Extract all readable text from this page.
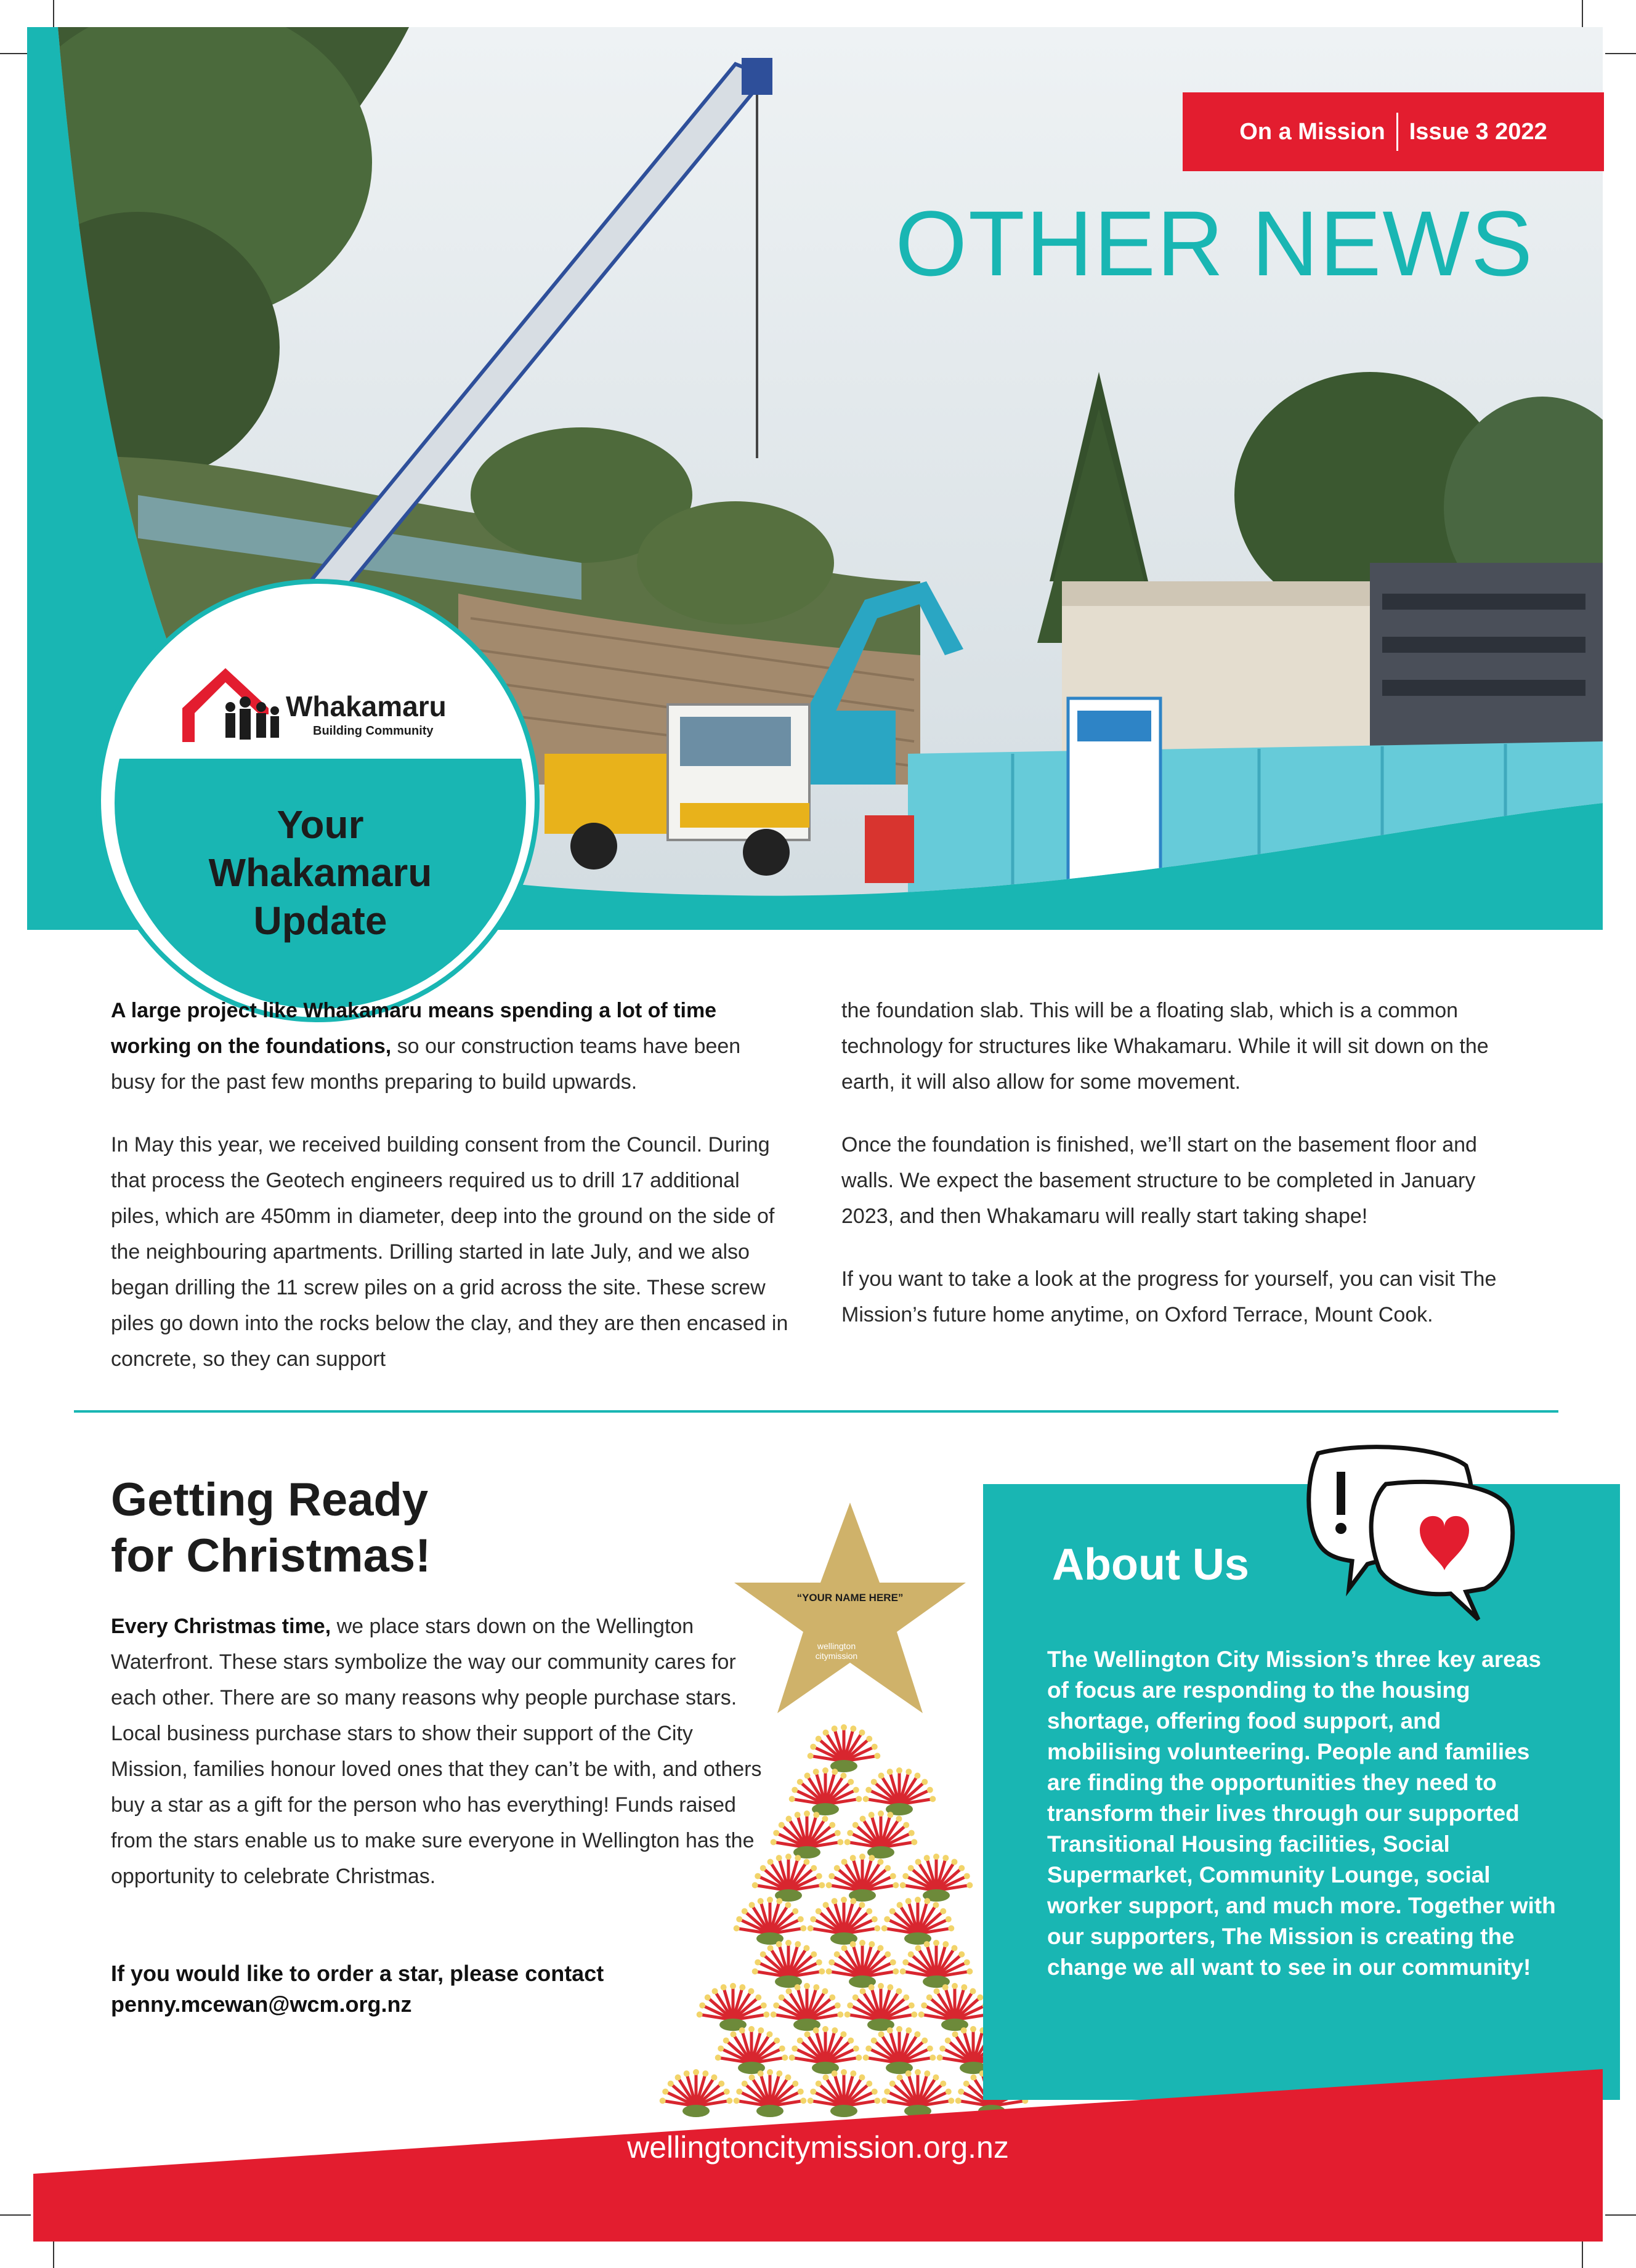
On a Mission Issue 3 2022
OTHER NEWS
Whakamaru
Building Community
Your Whakamaru Update

A large project like Whakamaru means spending a lot of time working on the foundations, so our construction teams have been busy for the past few months preparing to build upwards.

In May this year, we received building consent from the Council. During that process the Geotech engineers required us to drill 17 additional piles, which are 450mm in diameter, deep into the ground on the side of the neighbouring apartments. Drilling started in late July, and we also began drilling the 11 screw piles on a grid across the site. These screw piles go down into the rocks below the clay, and they are then encased in concrete, so they can support

the foundation slab. This will be a floating slab, which is a common technology for structures like Whakamaru. While it will sit down on the earth, it will also allow for some movement.

Once the foundation is finished, we’ll start on the basement floor and walls. We expect the basement structure to be completed in January 2023, and then Whakamaru will really start taking shape!

If you want to take a look at the progress for yourself, you can visit The Mission’s future home anytime, on Oxford Terrace, Mount Cook.

Getting Ready
for Christmas!

Every Christmas time, we place stars down on the Wellington Waterfront. These stars symbolize the way our community cares for each other. There are so many reasons why people purchase stars. Local business purchase stars to show their support of the City Mission, families honour loved ones that they can’t be with, and others buy a star as a gift for the person who has everything! Funds raised from the stars enable us to make sure everyone in Wellington has the opportunity to celebrate Christmas.

If you would like to order a star, please contact
penny.mcewan@wcm.org.nz
“YOUR NAME HERE”
wellington
citymission
About Us
The Wellington City Mission’s three key areas of focus are responding to the housing shortage, offering food support, and mobilising volunteering. People and families are finding the opportunities they need to transform their lives through our supported Transitional Housing facilities, Social Supermarket, Community Lounge, social worker support, and much more. Together with our supporters, The Mission is creating the change we all want to see in our community!
wellingtoncitymission.org.nz
